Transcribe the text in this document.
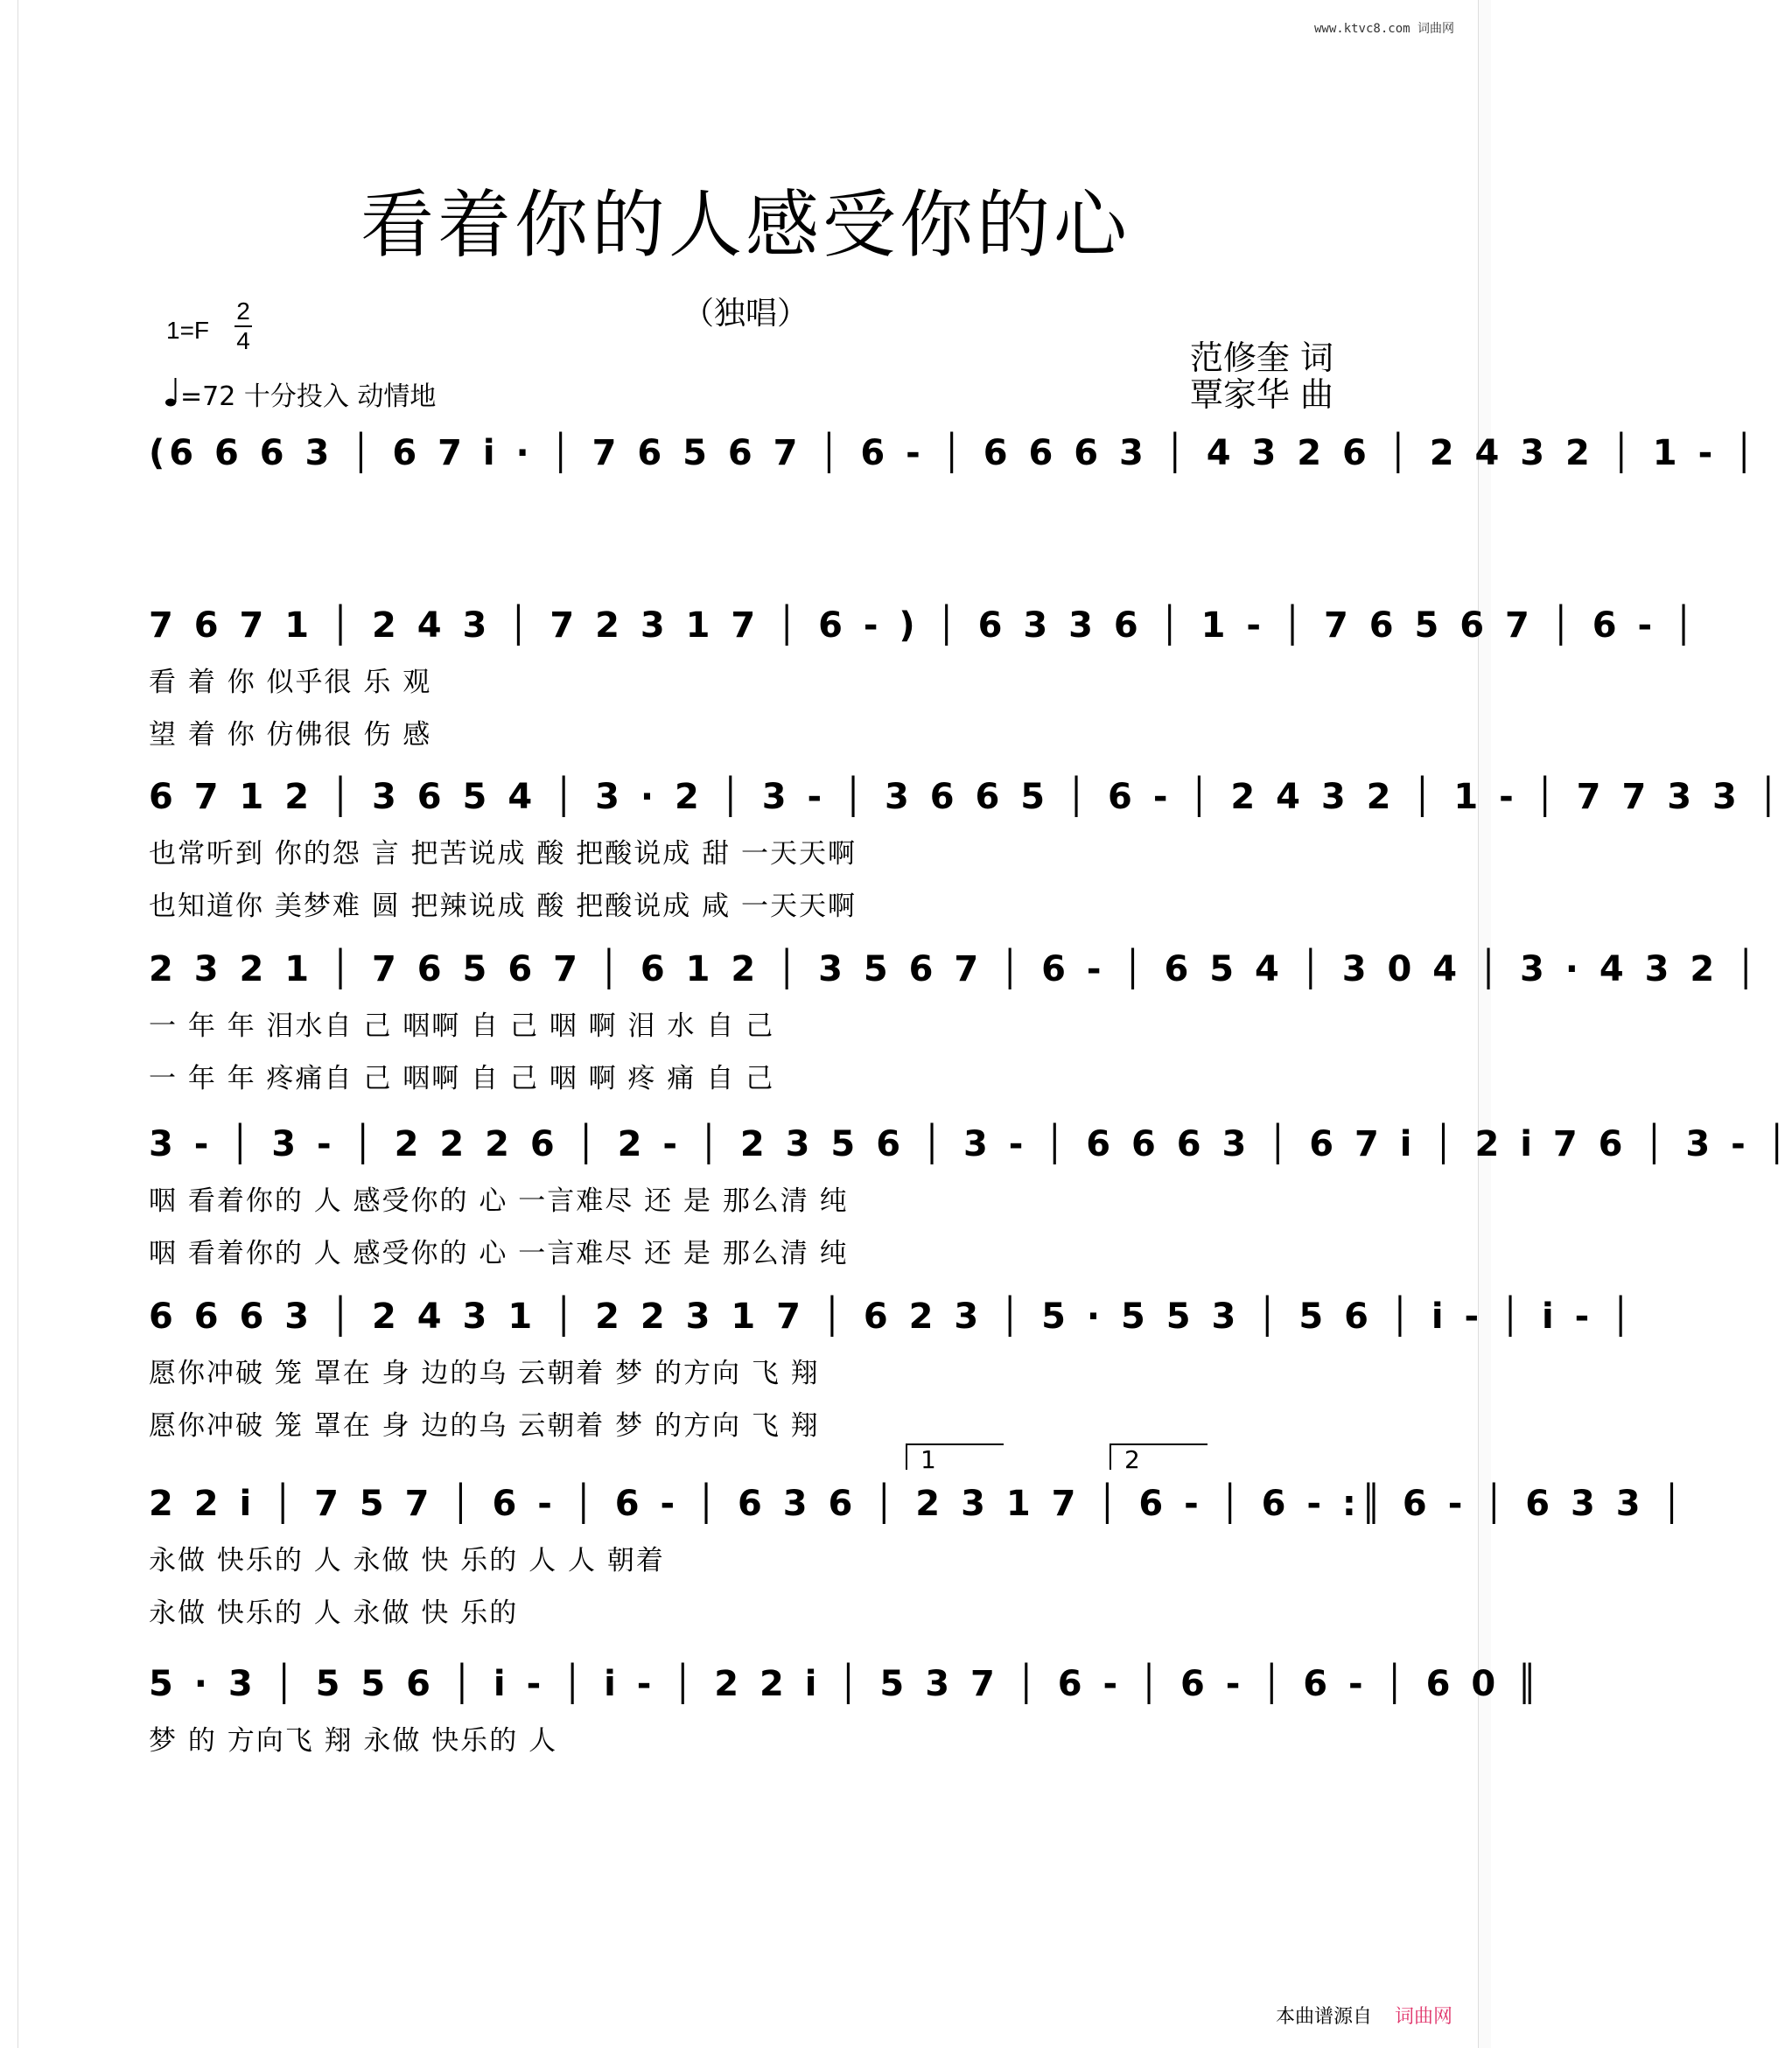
www.ktvc8.com 词曲网
看着你的人感受你的心
（独唱）
1=F
2
4
=72 十分投入 动情地
范修奎 词
覃家华 曲
(6 6 6 3 │ 6 7 i · │ 7 6 5 6 7 │ 6 - │ 6 6 6 3 │ 4 3 2 6 │ 2 4 3 2 │ 1 - │
7 6 7 1 │ 2 4 3 │ 7 2 3 1 7 │ 6 - ) │ 6 3 3 6 │ 1 - │ 7 6 5 6 7 │ 6 - │
看 着 你 似乎很 乐 观
望 着 你 仿佛很 伤 感
6 7 1 2 │ 3 6 5 4 │ 3 · 2 │ 3 - │ 3 6 6 5 │ 6 - │ 2 4 3 2 │ 1 - │ 7 7 3 3 │
也常听到 你的怨 言 把苦说成 酸 把酸说成 甜 一天天啊
也知道你 美梦难 圆 把辣说成 酸 把酸说成 咸 一天天啊
2 3 2 1 │ 7 6 5 6 7 │ 6 1 2 │ 3 5 6 7 │ 6 - │ 6 5 4 │ 3 0 4 │ 3 · 4 3 2 │
一 年 年 泪水自 己 咽啊 自 己 咽 啊 泪 水 自 己
一 年 年 疼痛自 己 咽啊 自 己 咽 啊 疼 痛 自 己
3 - │ 3 - │ 2 2 2 6 │ 2 - │ 2 3 5 6 │ 3 - │ 6 6 6 3 │ 6 7 i │ 2 i 7 6 │ 3 - │
咽 看着你的 人 感受你的 心 一言难尽 还 是 那么清 纯
咽 看着你的 人 感受你的 心 一言难尽 还 是 那么清 纯
6 6 6 3 │ 2 4 3 1 │ 2 2 3 1 7 │ 6 2 3 │ 5 · 5 5 3 │ 5 6 │ i - │ i - │
愿你冲破 笼 罩在 身 边的乌 云朝着 梦 的方向 飞 翔
愿你冲破 笼 罩在 身 边的乌 云朝着 梦 的方向 飞 翔
1	2
2 2 i │ 7 5 7 │ 6 - │ 6 - │ 6 3 6 │ 2 3 1 7 │ 6 - │ 6 - :║ 6 - │ 6 3 3 │
永做 快乐的 人 永做 快 乐的 人 人 朝着
永做 快乐的 人 永做 快 乐的
5 · 3 │ 5 5 6 │ i - │ i - │ 2 2 i │ 5 3 7 │ 6 - │ 6 - │ 6 - │ 6 0 ║
梦 的 方向飞 翔 永做 快乐的 人
本曲谱源自 词曲网
